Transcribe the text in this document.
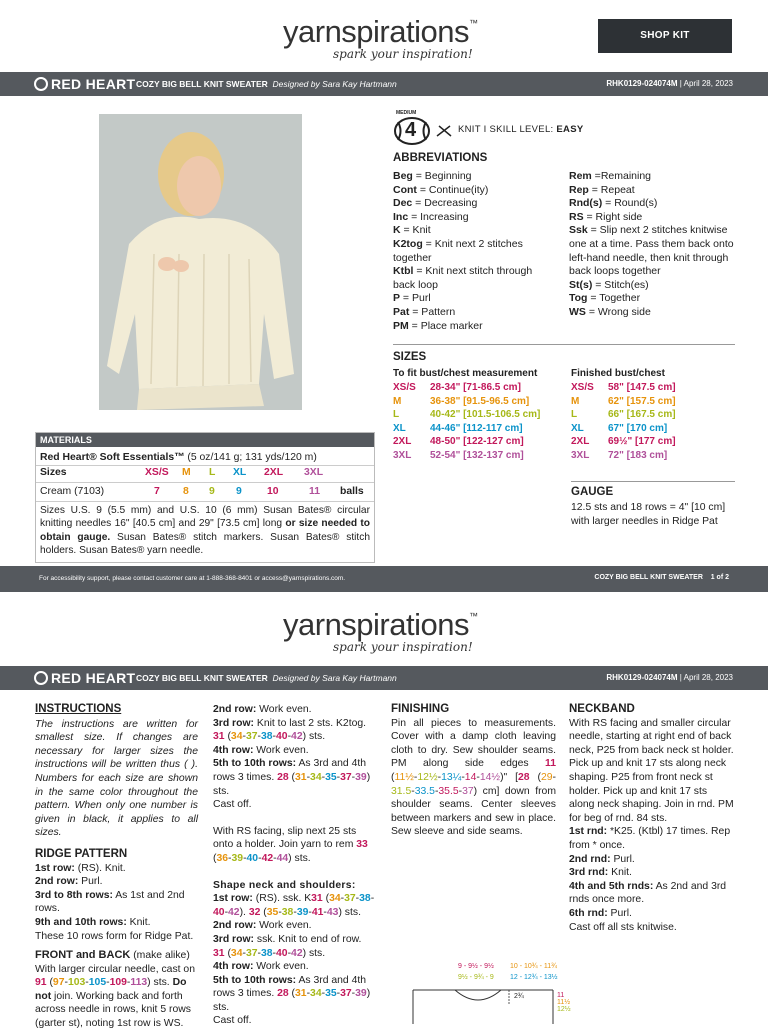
yarnspirations™
spark your inspiration!
SHOP KIT
RED HEART COZY BIG BELL KNIT SWEATER Designed by Sara Kay Hartmann	RHK0129-024074M | April 28, 2023
MEDIUM
4	KNIT I SKILL LEVEL: EASY
ABBREVIATIONS
Beg = Beginning
Cont = Continue(ity)
Dec = Decreasing
Inc = Increasing
K = Knit
K2tog = Knit next 2 stitches together
Ktbl = Knit next stitch through back loop
P = Purl
Pat = Pattern
PM = Place marker
Rem =Remaining
Rep = Repeat
Rnd(s) = Round(s)
RS = Right side
Ssk = Slip next 2 stitches knitwise one at a time. Pass them back onto left-hand needle, then knit through back loops together
St(s) = Stitch(es)
Tog = Together
WS = Wrong side
SIZES
To fit bust/chest measurement	Finished bust/chest
XS/S 28-34" [71-86.5 cm]
M	36-38" [91.5-96.5 cm]
L	40-42" [101.5-106.5 cm]
XL 44-46" [112-117 cm]
2XL 48-50" [122-127 cm]
3XL 52-54" [132-137 cm]
XS/S 58" [147.5 cm]
M	62" [157.5 cm]
L	66" [167.5 cm]
XL 67" [170 cm]
2XL 69½" [177 cm]
3XL 72" [183 cm]
GAUGE
12.5 sts and 18 rows = 4" [10 cm] with larger needles in Ridge Pat
MATERIALS
Red Heart® Soft Essentials™ (5 oz/141 g; 131 yds/120 m)
Sizes	XS/S M L XL 2XL 3XL
Cream (7103)	7 8 9 9 10	11 balls
Sizes U.S. 9 (5.5 mm) and U.S. 10 (6 mm) Susan Bates® circular knitting needles 16" [40.5 cm] and 29" [73.5 cm] long or size needed to obtain gauge. Susan Bates® stitch markers. Susan Bates® stitch holders. Susan Bates® yarn needle.
For accessibility support, please contact customer care at 1-888-368-8401 or access@yarnspirations.com.	COZY BIG BELL KNIT SWEATER 1 of 2
yarnspirations™
spark your inspiration!
RED HEART COZY BIG BELL KNIT SWEATER Designed by Sara Kay Hartmann	RHK0129-024074M | April 28, 2023
INSTRUCTIONS
The instructions are written for smallest size. If changes are necessary for larger sizes the instructions will be written thus ( ). Numbers for each size are shown in the same color throughout the pattern. When only one number is given in black, it applies to all sizes.
RIDGE PATTERN
1st row: (RS). Knit.
2nd row: Purl.
3rd to 8th rows: As 1st and 2nd rows.
9th and 10th rows: Knit.
These 10 rows form for Ridge Pat.
FRONT and BACK (make alike)
With larger circular needle, cast on 91 (97-103-105-109-113) sts. Do not join. Working back and forth across needle in rows, knit 5 rows (garter st), noting 1st row is WS.
2nd row: Work even.
3rd row: Knit to last 2 sts. K2tog.
31 (34-37-38-40-42) sts.
4th row: Work even.
5th to 10th rows: As 3rd and 4th rows 3 times. 28 (31-34-35-37-39) sts.
Cast off.
With RS facing, slip next 25 sts onto a holder. Join yarn to rem 33 (36-39-40-42-44) sts.
Shape neck and shoulders:
1st row: (RS). ssk. K31 (34-37-38-40-42). 32 (35-38-39-41-43) sts.
2nd row: Work even.
3rd row: ssk. Knit to end of row.
31 (34-37-38-40-42) sts.
4th row: Work even.
5th to 10th rows: As 3rd and 4th rows 3 times. 28 (31-34-35-37-39) sts.
Cast off.
FINISHING
Pin all pieces to measurements. Cover with a damp cloth leaving cloth to dry. Sew shoulder seams. PM along side edges 11 (11½-12½-13¼-14-14½)" [28 (29-31.5-33.5-35.5-37) cm] down from shoulder seams. Center sleeves between markers and sew in place. Sew sleeve and side seams.
NECKBAND
With RS facing and smaller circular needle, starting at right end of back neck, P25 from back neck st holder. Pick up and knit 17 sts along neck shaping. P25 from front neck st holder. Pick up and knit 17 sts along neck shaping. Join in rnd. PM for beg of rnd. 84 sts.
1st rnd: *K25. (Ktbl) 17 times. Rep from * once.
2nd rnd: Purl.
3rd rnd: Knit.
4th and 5th rnds: As 2nd and 3rd rnds once more.
6th rnd: Purl.
Cast off all sts knitwise.
9 - 9½ - 9½ 10 - 10¾ - 11¾
9½ - 9¾ - 9 12 - 12¾ - 13½
2¾	11
11½
12½
